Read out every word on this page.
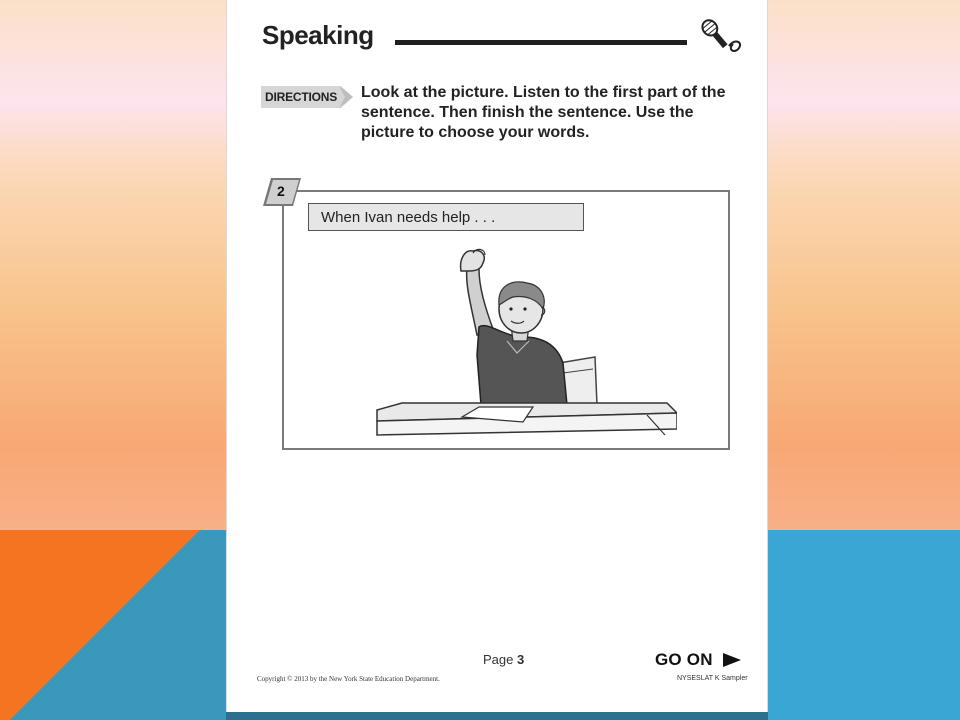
Speaking
DIRECTIONS Look at the picture. Listen to the first part of the sentence. Then finish the sentence. Use the picture to choose your words.
2
When Ivan needs help . . .
Page 3	GO ON
Copyright © 2013 by the New York State Education Department.	NYSESLAT K Sampler
